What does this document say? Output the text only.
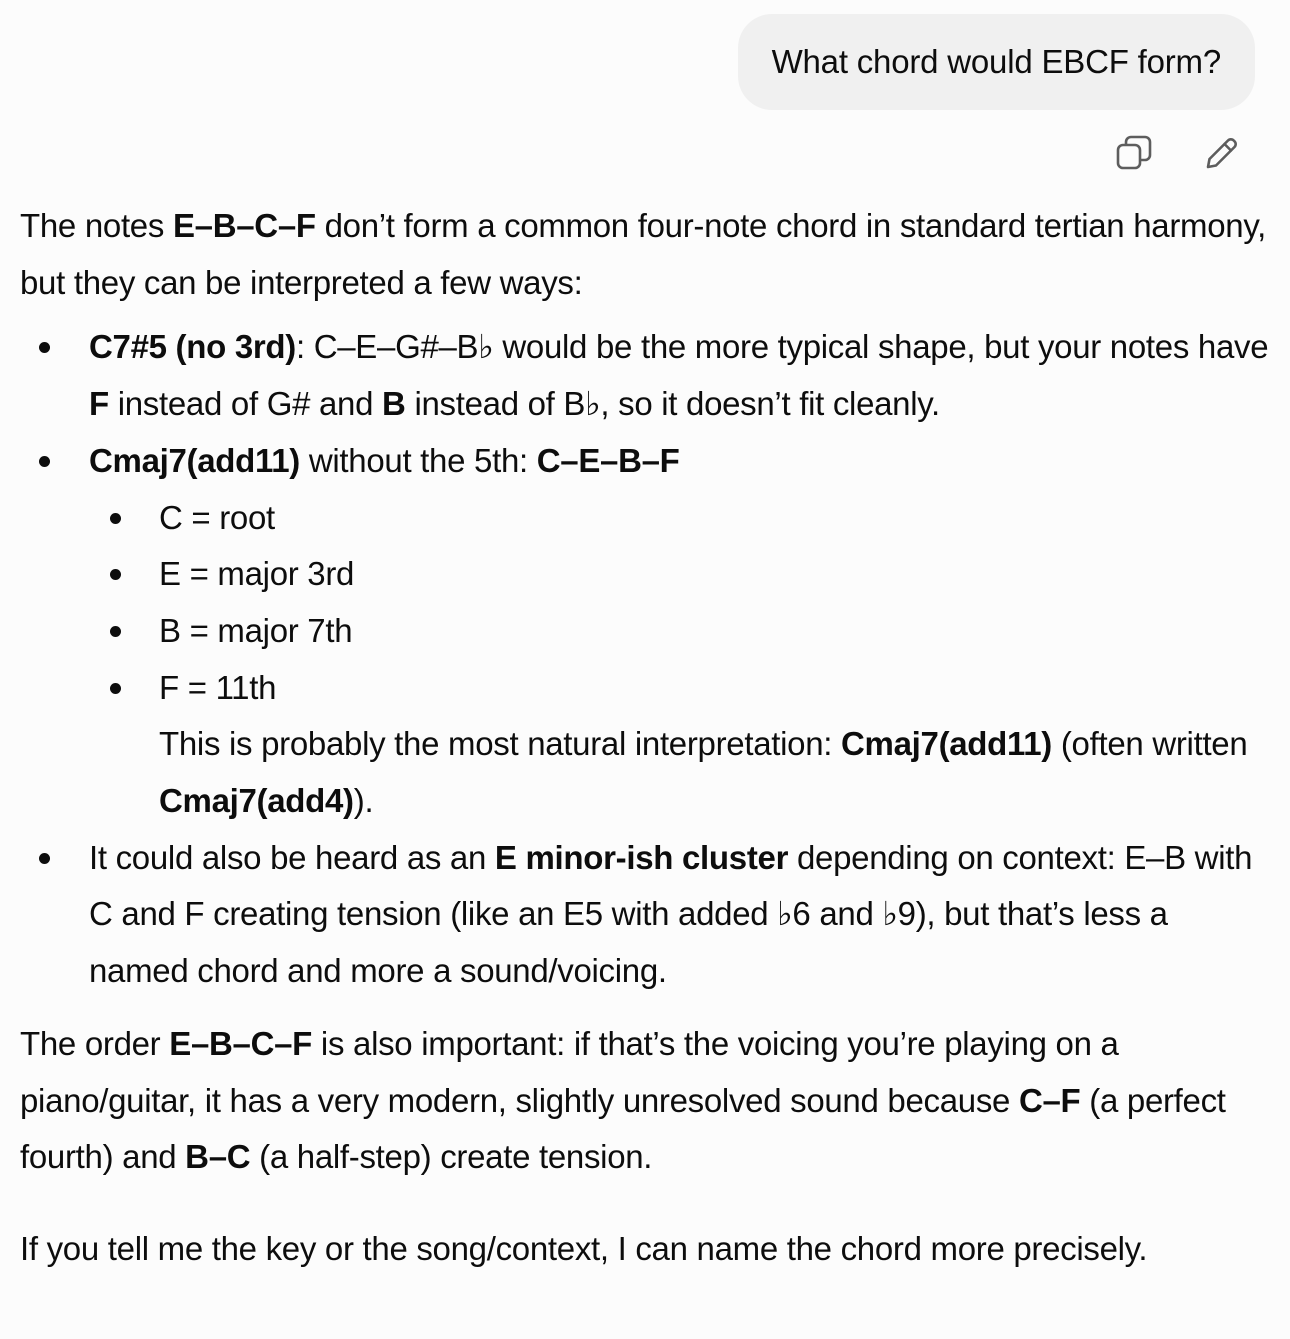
What chord would EBCF form?

The notes E–B–C–F don’t form a common four-note chord in standard tertian harmony, but they can be interpreted a few ways:

C7#5 (no 3rd): C–E–G#–B♭ would be the more typical shape, but your notes have F instead of G# and B instead of B♭, so it doesn’t fit cleanly.
Cmaj7(add11) without the 5th: C–E–B–F
C = root
E = major 3rd
B = major 7th
F = 11th
This is probably the most natural interpretation: Cmaj7(add11) (often written Cmaj7(add4)).
It could also be heard as an E minor-ish cluster depending on context: E–B with C and F creating tension (like an E5 with added ♭6 and ♭9), but that’s less a named chord and more a sound/voicing.

The order E–B–C–F is also important: if that’s the voicing you’re playing on a piano/guitar, it has a very modern, slightly unresolved sound because C–F (a perfect fourth) and B–C (a half-step) create tension.

If you tell me the key or the song/context, I can name the chord more precisely.
